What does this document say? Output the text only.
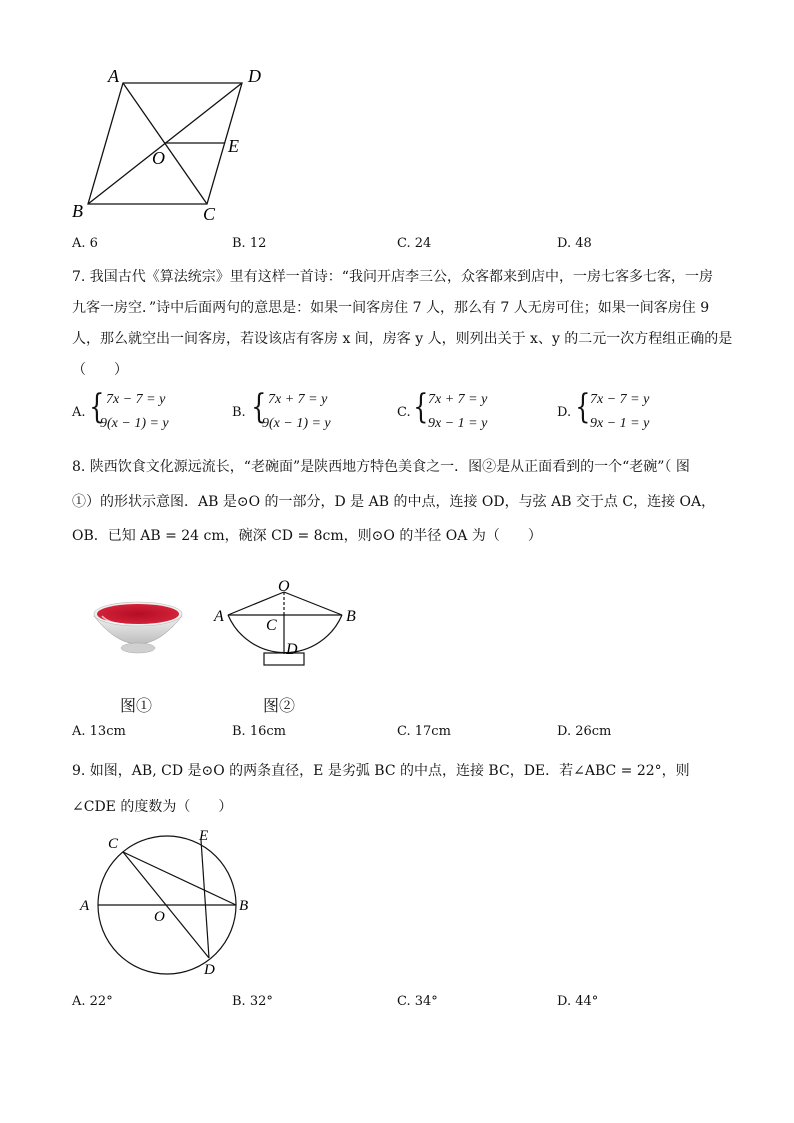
A	D
O
E
B	C
A. 6	B. 12	C. 24	D. 48
7. 我国古代《算法统宗》里有这样一首诗：“我问开店李三公，众客都来到店中，一房七客多七客，一房
九客一房空．”诗中后面两句的意思是：如果一间客房住 7 人，那么有 7 人无房可住；如果一间客房住 9
人，那么就空出一间客房，若设该店有客房 x 间，房客 y 人，则列出关于 x、y 的二元一次方程组正确的是
（　　）
A. { 7x − 7 = y
9(x − 1) = y
B. { 7x + 7 = y
9(x − 1) = y
C. { 7x + 7 = y
9x − 1 = y
D. { 7x − 7 = y
9x − 1 = y
8. 陕西饮食文化源远流长，“老碗面”是陕西地方特色美食之一．图②是从正面看到的一个“老碗”（ 图
①）的形状示意图．AB 是⊙O 的一部分，D 是 AB 的中点，连接 OD，与弦 AB 交于点 C，连接 OA，
OB．已知 AB = 24 cm，碗深 CD = 8cm，则⊙O 的半径 OA 为（　　）
O
A	B
C
D
图①	图②
A. 13cm	B. 16cm	C. 17cm	D. 26cm
9. 如图，AB, CD 是⊙O 的两条直径，E 是劣弧 BC 的中点，连接 BC，DE．若∠ABC = 22°，则
∠CDE 的度数为（　　）
C	E
A
O
B
D
A. 22°	B. 32°	C. 34°	D. 44°
